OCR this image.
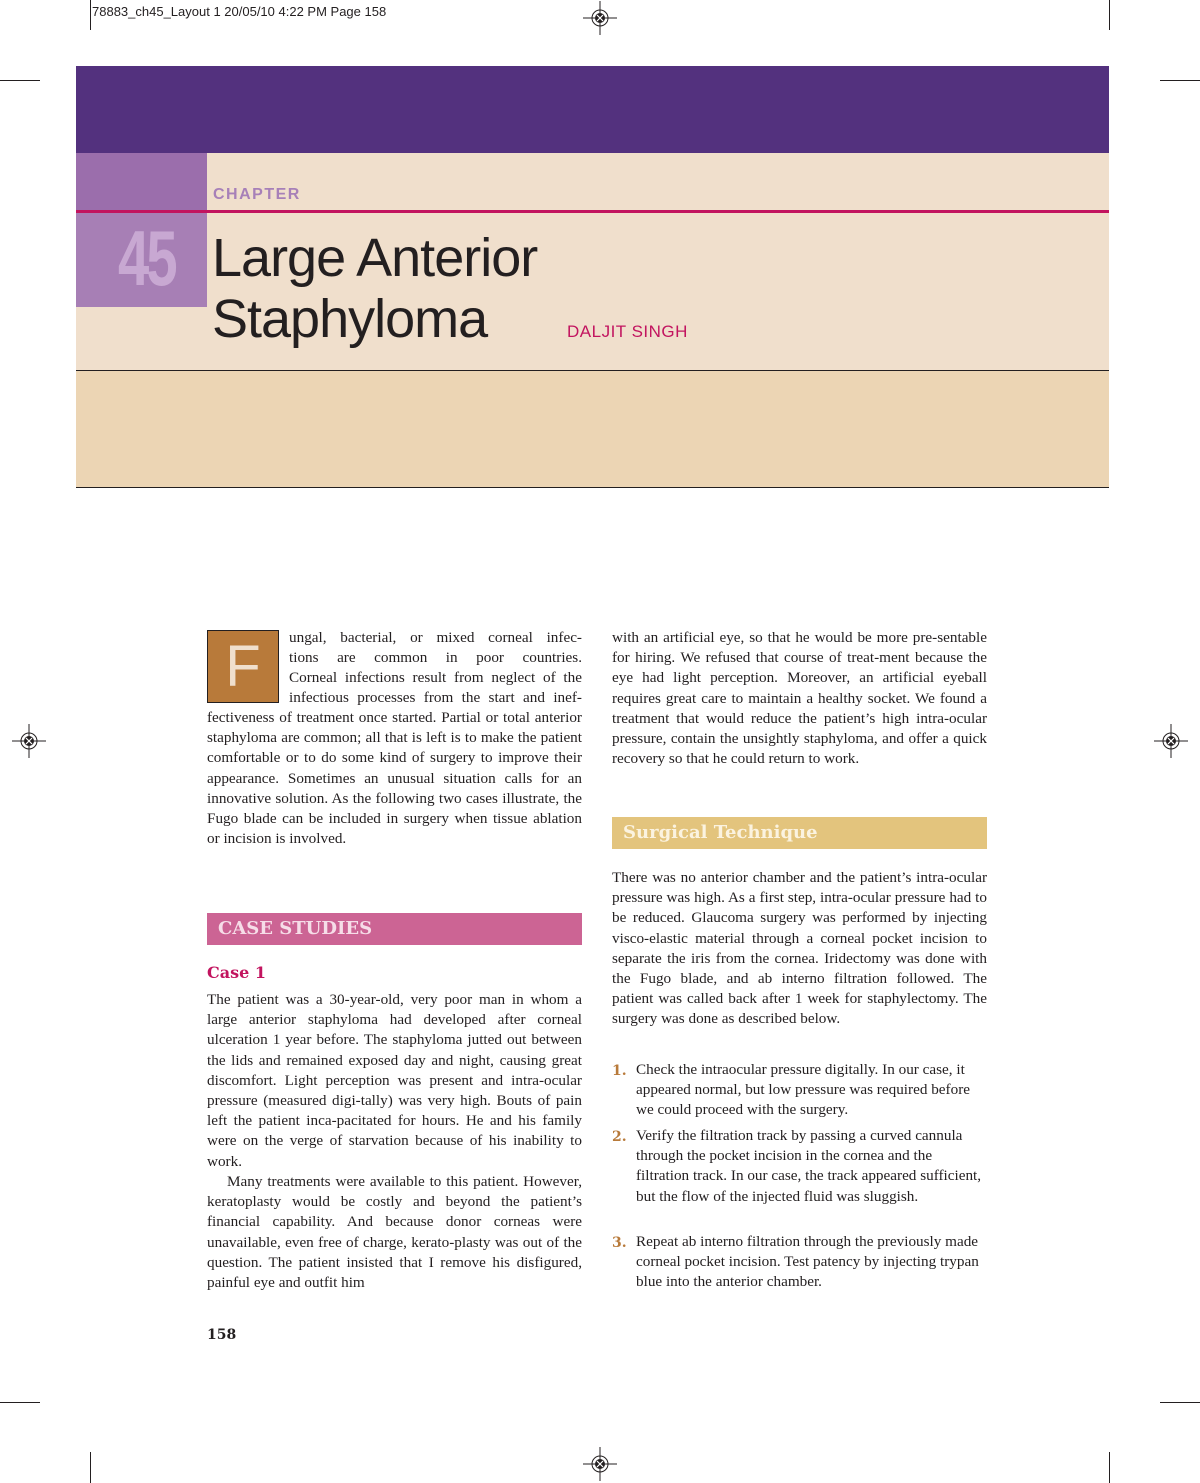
78883_ch45_Layout 1 20/05/10 4:22 PM Page 158
CHAPTER
45 Large Anterior
Staphyloma	DALJIT SINGH
F	ungal, bacterial, or mixed corneal infec-

tions are common in poor countries.

Corneal infections result from neglect of the

infectious processes from the start and inef-

fectiveness of treatment once started. Partial or total anterior staphyloma are common; all that is left is to make the patient comfortable or to do some kind of surgery to improve their appearance. Sometimes an unusual situation calls for an innovative solution. As the following two cases illustrate, the Fugo blade can be included in surgery when tissue ablation or incision is involved.

CASE STUDIES
Case 1

The patient was a 30-year-old, very poor man in whom a large anterior staphyloma had developed after corneal ulceration 1 year before. The staphyloma jutted out between the lids and remained exposed day and night, causing great discomfort. Light perception was present and intra-ocular pressure (measured digi-tally) was very high. Bouts of pain left the patient inca-pacitated for hours. He and his family were on the verge of starvation because of his inability to work.

Many treatments were available to this patient. However, keratoplasty would be costly and beyond the patient’s financial capability. And because donor corneas were unavailable, even free of charge, kerato-plasty was out of the question. The patient insisted that I remove his disfigured, painful eye and outfit him

with an artificial eye, so that he would be more pre-sentable for hiring. We refused that course of treat-ment because the eye had light perception. Moreover, an artificial eyeball requires great care to maintain a healthy socket. We found a treatment that would reduce the patient’s high intra-ocular pressure, contain the unsightly staphyloma, and offer a quick recovery so that he could return to work.

Surgical Technique

There was no anterior chamber and the patient’s intra-ocular pressure was high. As a first step, intra-ocular pressure had to be reduced. Glaucoma surgery was performed by injecting visco-elastic material through a corneal pocket incision to separate the iris from the cornea. Iridectomy was done with the Fugo blade, and ab interno filtration followed. The patient was called back after 1 week for staphylectomy. The surgery was done as described below.

1. Check the intraocular pressure digitally. In our case, it appeared normal, but low pressure was required before we could proceed with the surgery.

2. Verify the filtration track by passing a curved cannula through the pocket incision in the cornea and the filtration track. In our case, the track appeared sufficient, but the flow of the injected fluid was sluggish.

3. Repeat ab interno filtration through the previously made corneal pocket incision. Test patency by injecting trypan blue into the anterior chamber.

158
